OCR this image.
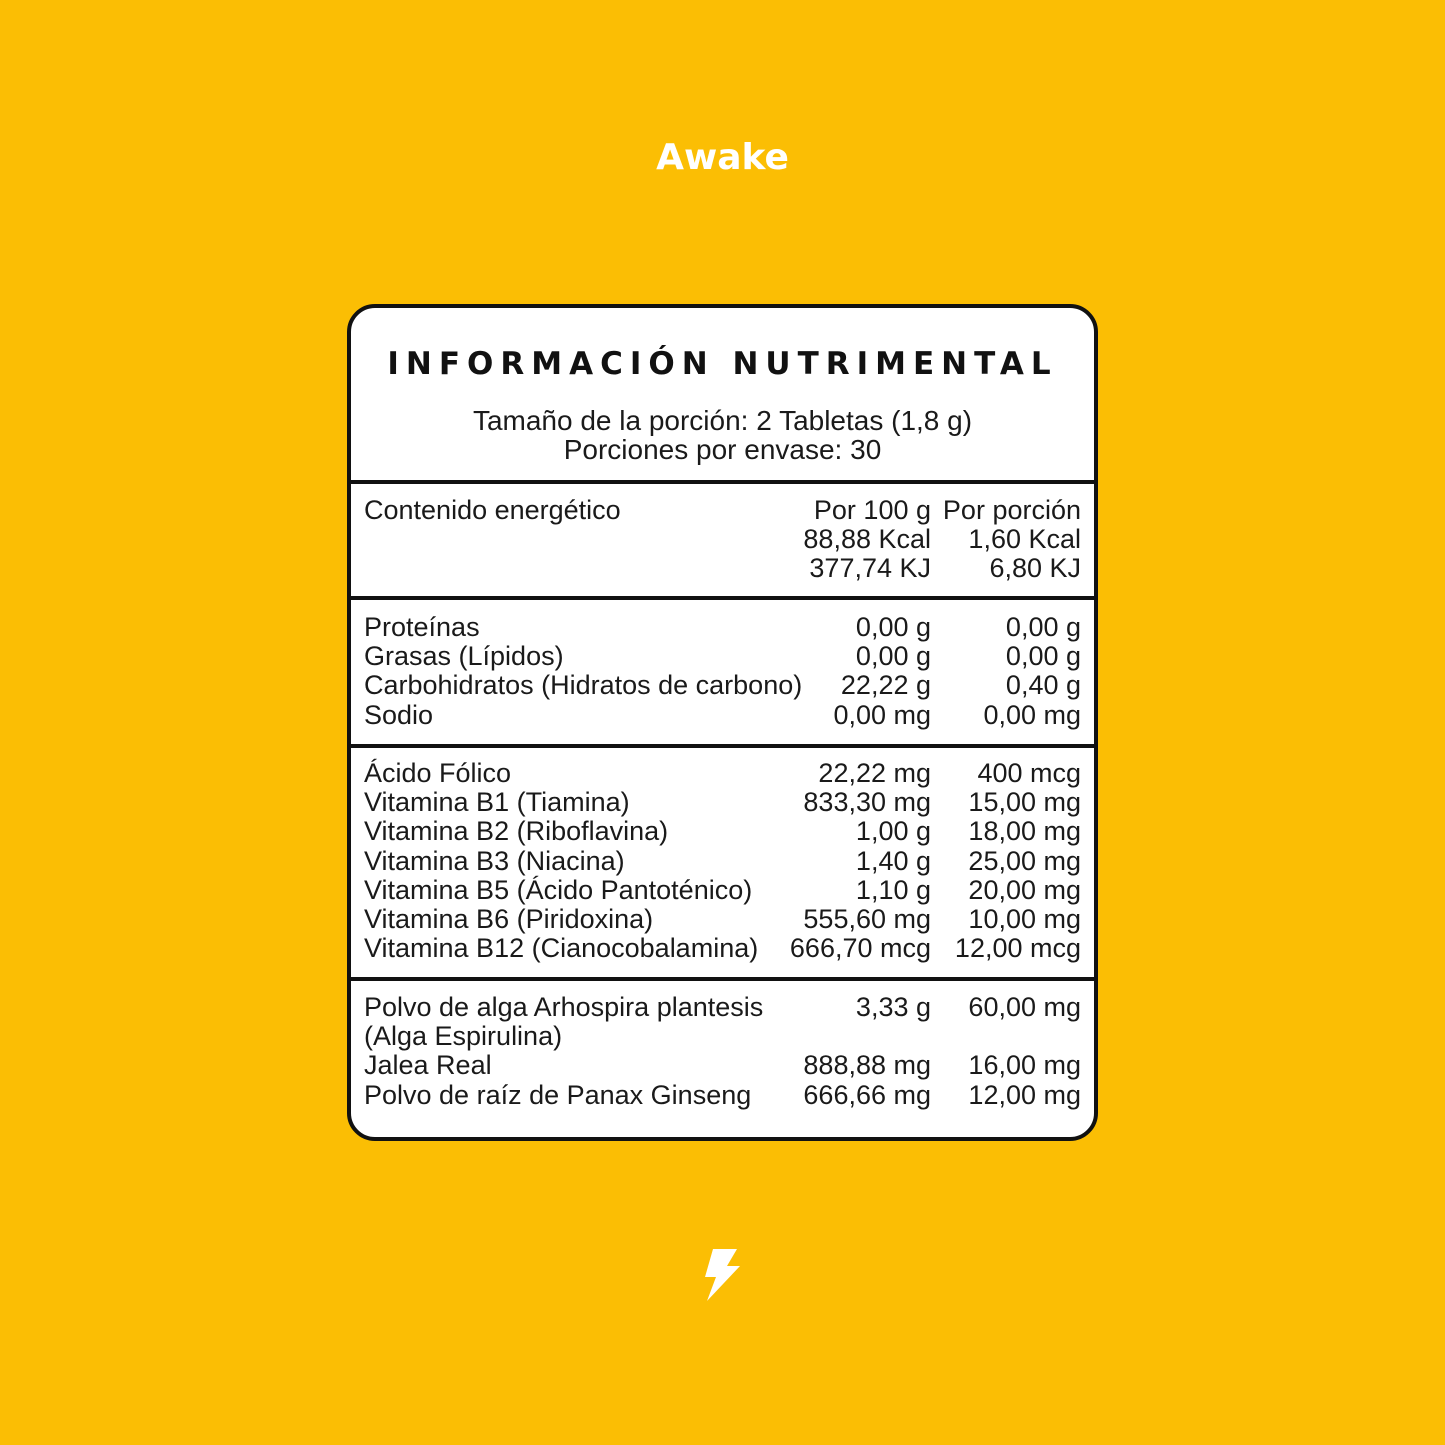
Awake
INFORMACIÓN NUTRIMENTAL
Tamaño de la porción: 2 Tabletas (1,8 g)
Porciones por envase: 30
Contenido energético	Por 100 g Por porción
88,88 Kcal 1,60 Kcal
377,74 KJ 6,80 KJ
Proteínas	0,00 g	0,00 g
Grasas (Lípidos)	0,00 g	0,00 g
Carbohidratos (Hidratos de carbono) 22,22 g	0,40 g
Sodio	0,00 mg 0,00 mg
Ácido Fólico	22,22 mg 400 mcg
Vitamina B1 (Tiamina)	833,30 mg 15,00 mg
Vitamina B2 (Riboflavina)	1,00 g 18,00 mg
Vitamina B3 (Niacina)	1,40 g 25,00 mg
Vitamina B5 (Ácido Pantoténico)	1,10 g 20,00 mg
Vitamina B6 (Piridoxina)	555,60 mg 10,00 mg
Vitamina B12 (Cianocobalamina) 666,70 mcg 12,00 mcg
Polvo de alga Arhospira plantesis	3,33 g 60,00 mg
(Alga Espirulina)
Jalea Real	888,88 mg 16,00 mg
Polvo de raíz de Panax Ginseng 666,66 mg 12,00 mg
